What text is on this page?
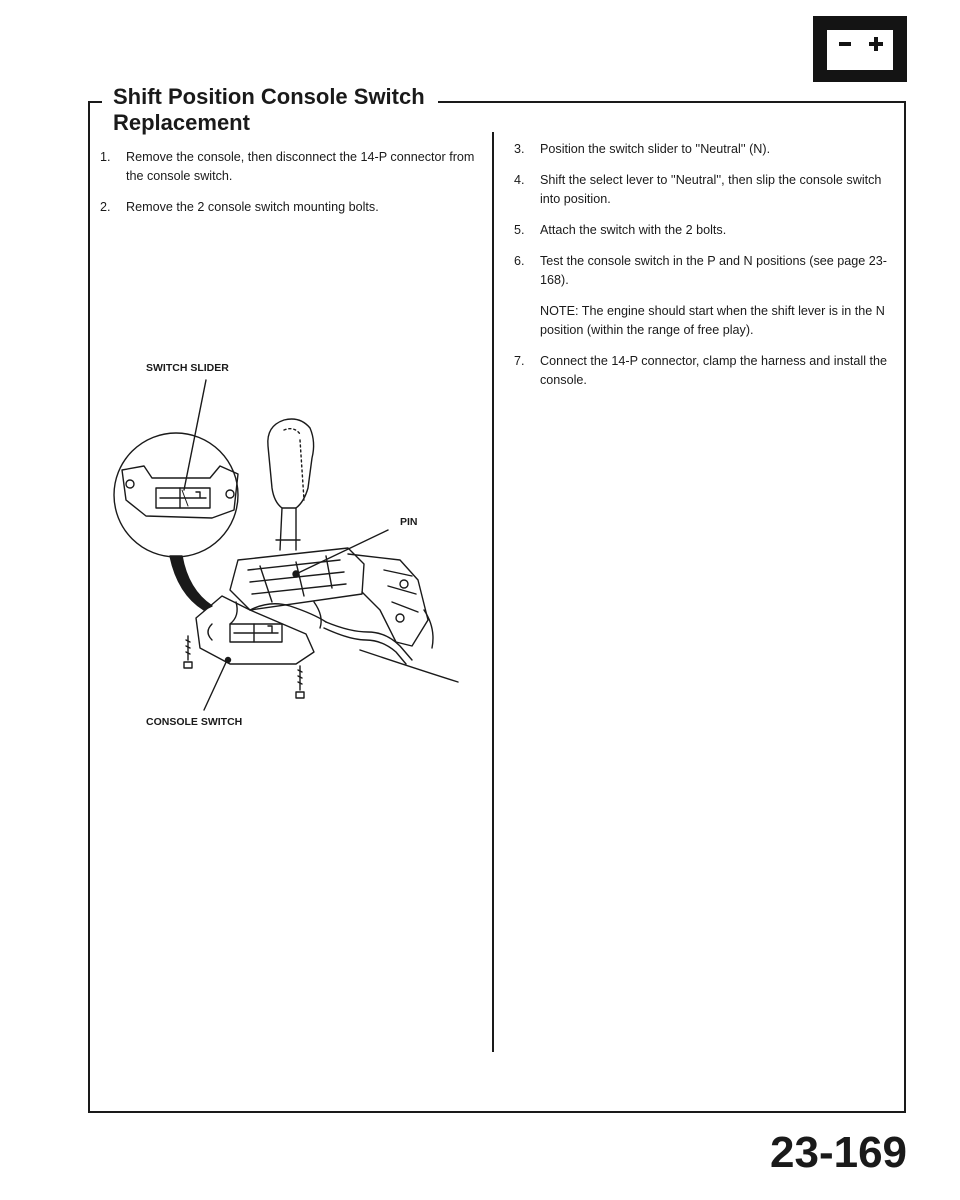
Shift Position Console Switch
Replacement
1.	Remove the console, then disconnect the 14-P connector from the console switch.
2.	Remove the 2 console switch mounting bolts.
SWITCH SLIDER
PIN
CONSOLE SWITCH
3.	Position the switch slider to ''Neutral'' (N).
4.	Shift the select lever to ''Neutral'', then slip the console switch into position.
5.	Attach the switch with the 2 bolts.
6.	Test the console switch in the P and N positions (see page 23-168).
NOTE: The engine should start when the shift lever is in the N position (within the range of free play).
7.	Connect the 14-P connector, clamp the harness and install the console.
23-169
